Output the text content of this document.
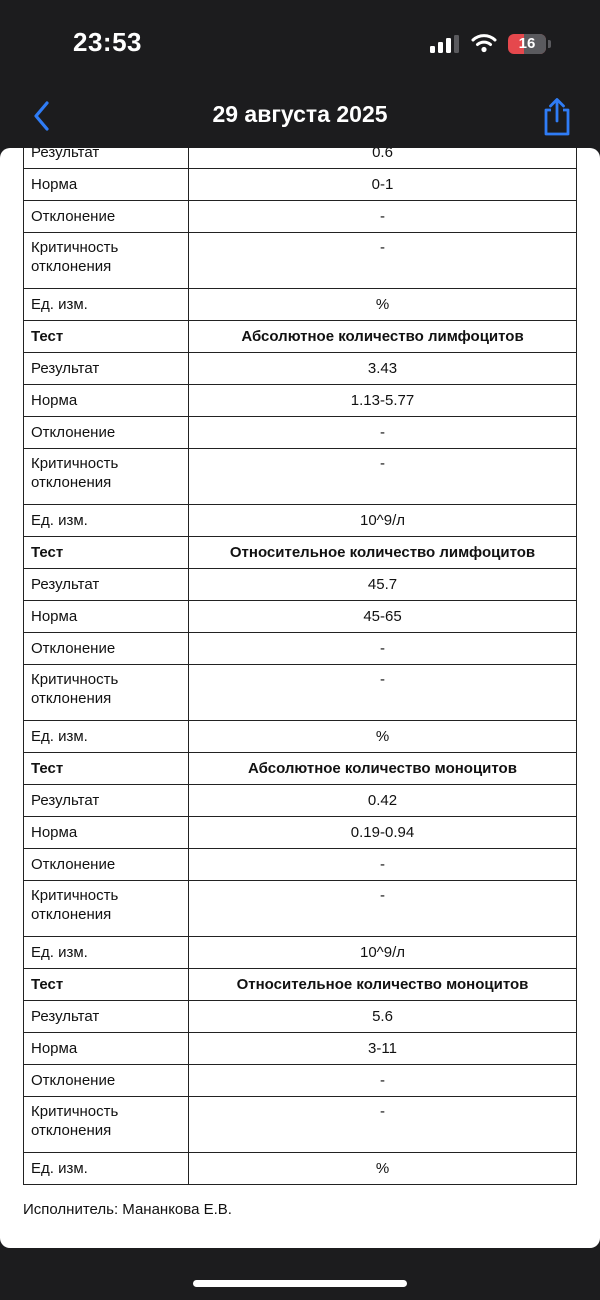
23:53	16
29 августа 2025
Результат	0.6
Норма	0-1
Отклонение	-
Критичность отклонения	-
Ед. изм.	%
Тест	Абсолютное количество лимфоцитов
Результат	3.43
Норма	1.13-5.77
Отклонение	-
Критичность отклонения	-
Ед. изм.	10^9/л
Тест	Относительное количество лимфоцитов
Результат	45.7
Норма	45-65
Отклонение	-
Критичность отклонения	-
Ед. изм.	%
Тест	Абсолютное количество моноцитов
Результат	0.42
Норма	0.19-0.94
Отклонение	-
Критичность отклонения	-
Ед. изм.	10^9/л
Тест	Относительное количество моноцитов
Результат	5.6
Норма	3-11
Отклонение	-
Критичность отклонения	-
Ед. изм.	%
Исполнитель: Мананкова Е.В.
